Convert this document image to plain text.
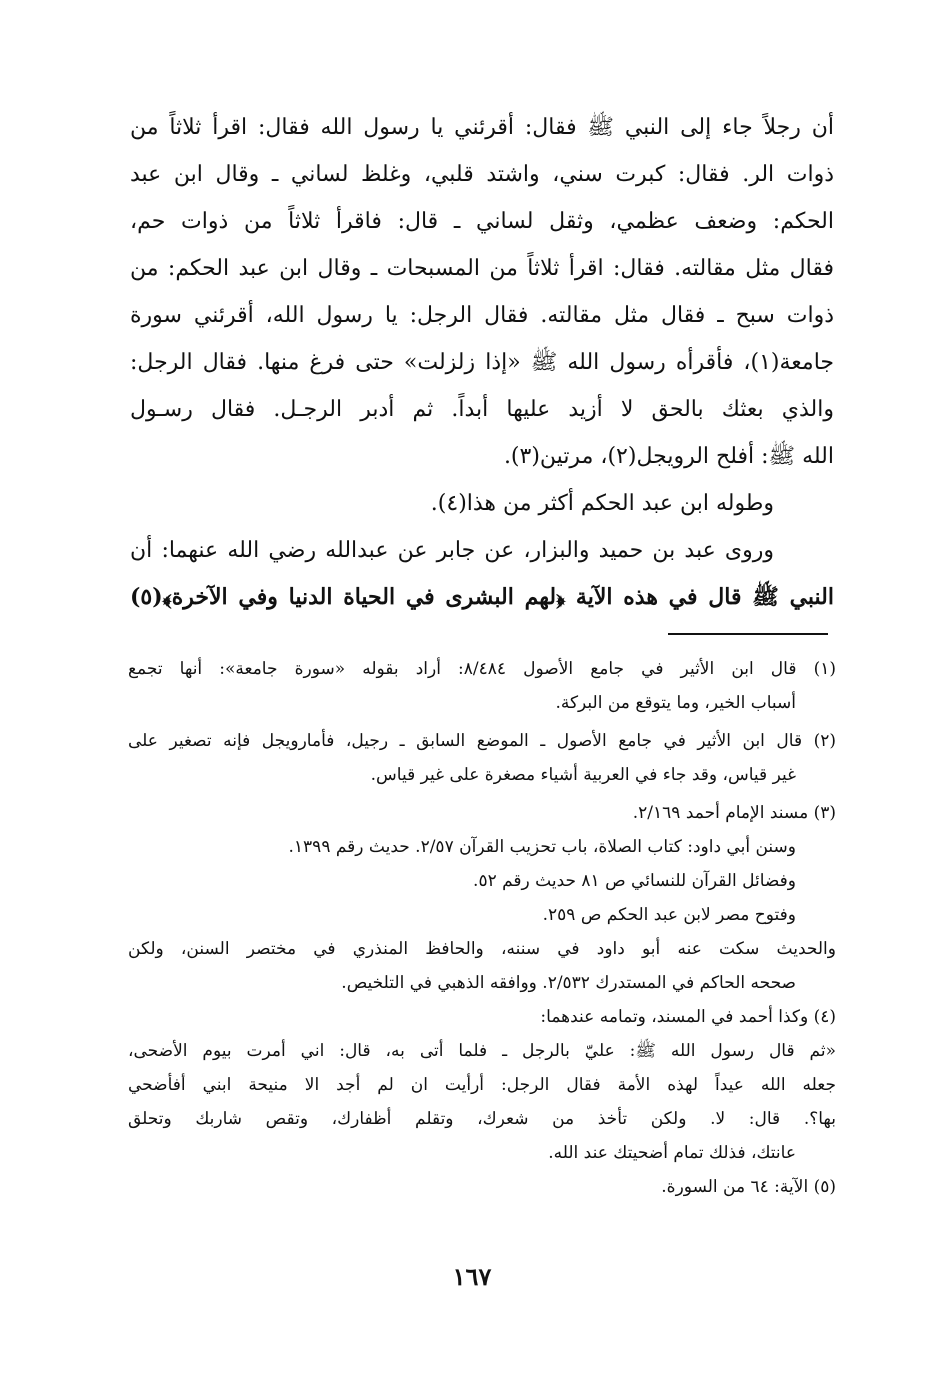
أن رجلاً جاء إلى النبي ﷺ فقال: أقرئني يا رسول الله فقال: اقرأ ثلاثاً من
ذوات الر. فقال: كبرت سني، واشتد قلبي، وغلظ لساني ـ وقال ابن عبد
الحكم: وضعف عظمي، وثقل لساني ـ قال: فاقرأ ثلاثاً من ذوات حم،
فقال مثل مقالته. فقال: اقرأ ثلاثاً من المسبحات ـ وقال ابن عبد الحكم: من
ذوات سبح ـ فقال مثل مقالته. فقال الرجل: يا رسول الله، أقرئني سورة
جامعة(١)، فأقرأه رسول الله ﷺ «إذا زلزلت» حتى فرغ منها. فقال الرجل:
والذي بعثك بالحق لا أزيد عليها أبداً. ثم أدبر الرجـل. فقال رسـول
الله ﷺ: أفلح الرويجل(٢)، مرتين(٣).
وطوله ابن عبد الحكم أكثر من هذا(٤).
وروى عبد بن حميد والبزار، عن جابر عن عبدالله رضي الله عنهما: أن
النبي ﷺ قال في هذه الآية ﴿لهم البشرى في الحياة الدنيا وفي الآخرة﴾(٥)
(١) قال ابن الأثير في جامع الأصول ٨/٤٨٤: أراد بقوله «سورة جامعة»: أنها تجمع
أسباب الخير، وما يتوقع من البركة.
(٢) قال ابن الأثير في جامع الأصول ـ الموضع السابق ـ رجيل، فأمارويجل فإنه تصغير على
غير قياس، وقد جاء في العربية أشياء مصغرة على غير قياس.
(٣) مسند الإمام أحمد ٢/١٦٩.
وسنن أبي داود: كتاب الصلاة، باب تحزيب القرآن ٢/٥٧. حديث رقم ١٣٩٩.
وفضائل القرآن للنسائي ص ٨١ حديث رقم ٥٢.
وفتوح مصر لابن عبد الحكم ص ٢٥٩.
والحديث سكت عنه أبو داود في سننه، والحافظ المنذري في مختصر السنن، ولكن
صححه الحاكم في المستدرك ٢/٥٣٢. ووافقه الذهبي في التلخيص.
(٤) وكذا أحمد في المسند، وتمامه عندهما:
«ثم قال رسول الله ﷺ: عليّ بالرجل ـ فلما أتى به، قال: اني أمرت بيوم الأضحى،
جعله الله عيداً لهذه الأمة فقال الرجل: أرأيت ان لم أجد الا منيحة ابني أفأضحي
بها؟. قال: لا. ولكن تأخذ من شعرك، وتقلم أظفارك، وتقص شاربك وتحلق
عانتك، فذلك تمام أضحيتك عند الله.
(٥) الآية: ٦٤ من السورة.
١٦٧
